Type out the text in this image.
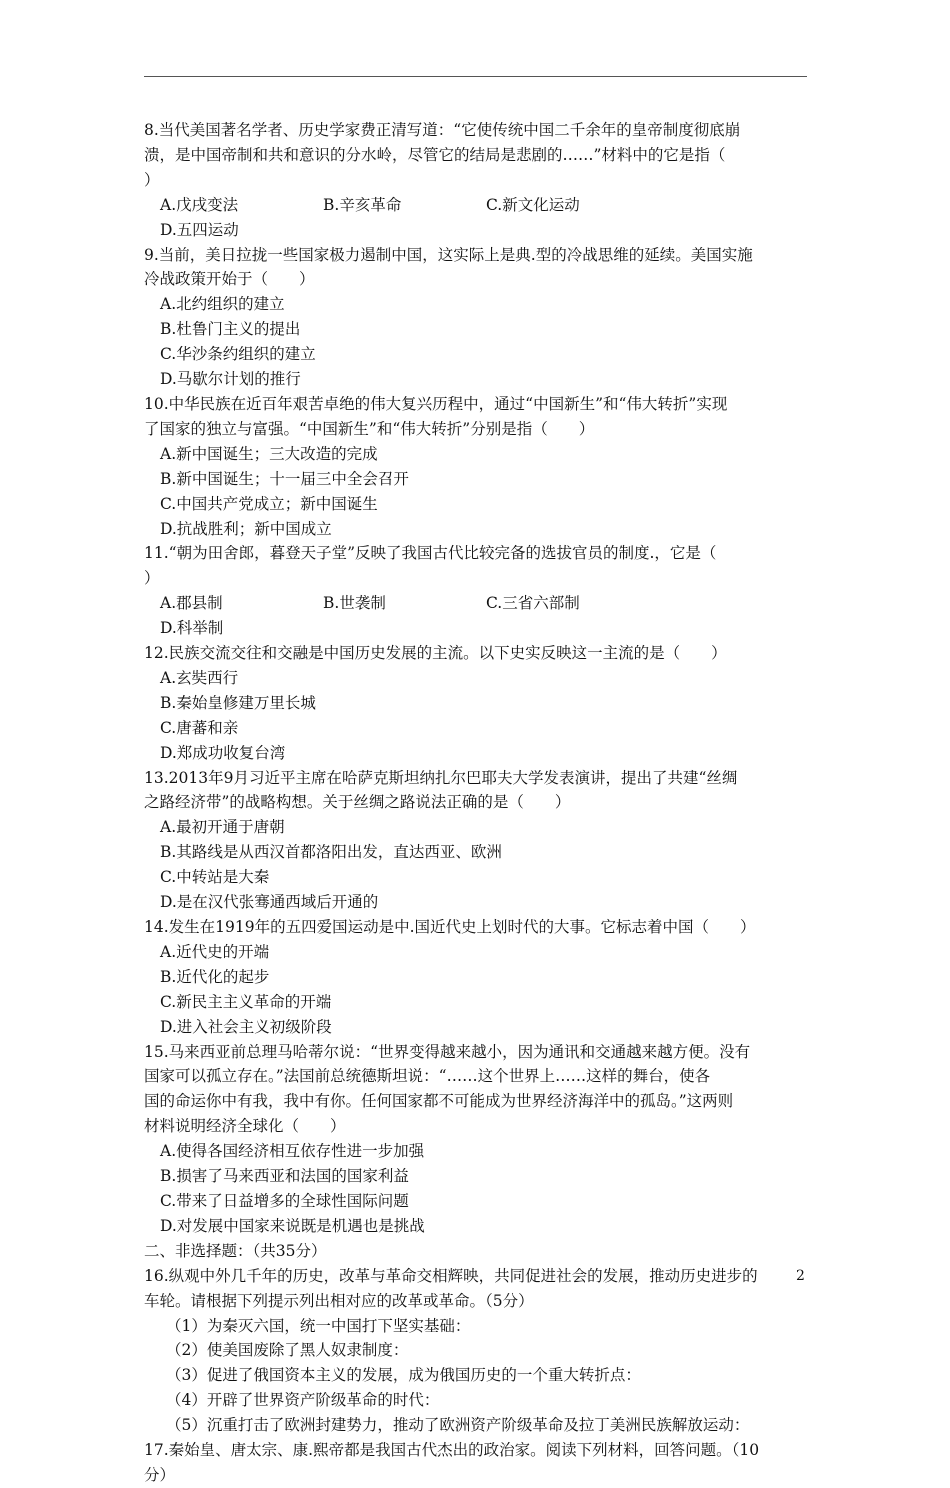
8.当代美国著名学者、历史学家费正清写道：“它使传统中国二千余年的皇帝制度彻底崩

溃，是中国帝制和共和意识的分水岭，尽管它的结局是悲剧的……”材料中的它是指（

）

A.戊戌变法	B.辛亥革命	C.新文化运动
D.五四运动

9.当前，美日拉拢一些国家极力遏制中国，这实际上是典.型的冷战思维的延续。美国实施

冷战政策开始于（　　）

A.北约组织的建立
B.杜鲁门主义的提出
C.华沙条约组织的建立
D.马歇尔计划的推行

10.中华民族在近百年艰苦卓绝的伟大复兴历程中，通过“中国新生”和“伟大转折”实现

了国家的独立与富强。“中国新生”和“伟大转折”分别是指（　　）

A.新中国诞生；三大改造的完成
B.新中国诞生；十一届三中全会召开
C.中国共产党成立；新中国诞生
D.抗战胜利；新中国成立

11.“朝为田舍郎，暮登天子堂”反映了我国古代比较完备的选拔官员的制度.，它是（

）

A.郡县制	B.世袭制	C.三省六部制
D.科举制

12.民族交流交往和交融是中国历史发展的主流。以下史实反映这一主流的是（　　）

A.玄奘西行
B.秦始皇修建万里长城
C.唐蕃和亲
D.郑成功收复台湾

13.2013年9月习近平主席在哈萨克斯坦纳扎尔巴耶夫大学发表演讲，提出了共建“丝绸

之路经济带”的战略构想。关于丝绸之路说法正确的是（　　）

A.最初开通于唐朝
B.其路线是从西汉首都洛阳出发，直达西亚、欧洲
C.中转站是大秦
D.是在汉代张骞通西域后开通的

14.发生在1919年的五四爱国运动是中.国近代史上划时代的大事。它标志着中国（　　）

A.近代史的开端
B.近代化的起步
C.新民主主义革命的开端
D.进入社会主义初级阶段

15.马来西亚前总理马哈蒂尔说：“世界变得越来越小，因为通讯和交通越来越方便。没有

国家可以孤立存在。”法国前总统德斯坦说：“……这个世界上……这样的舞台，使各

国的命运你中有我，我中有你。任何国家都不可能成为世界经济海洋中的孤岛。”这两则

材料说明经济全球化（　　）

A.使得各国经济相互依存性进一步加强
B.损害了马来西亚和法国的国家利益
C.带来了日益增多的全球性国际问题
D.对发展中国家来说既是机遇也是挑战

二、非选择题：（共35分）

16.纵观中外几千年的历史，改革与革命交相辉映，共同促进社会的发展，推动历史进步的

车轮。请根据下列提示列出相对应的改革或革命。（5分）

（1）为秦灭六国，统一中国打下坚实基础：
（2）使美国废除了黑人奴隶制度：
（3）促进了俄国资本主义的发展，成为俄国历史的一个重大转折点：
（4）开辟了世界资产阶级革命的时代：
（5）沉重打击了欧洲封建势力，推动了欧洲资产阶级革命及拉丁美洲民族解放运动：

17.秦始皇、唐太宗、康.熙帝都是我国古代杰出的政治家。阅读下列材料，回答问题。（10

分）

2
